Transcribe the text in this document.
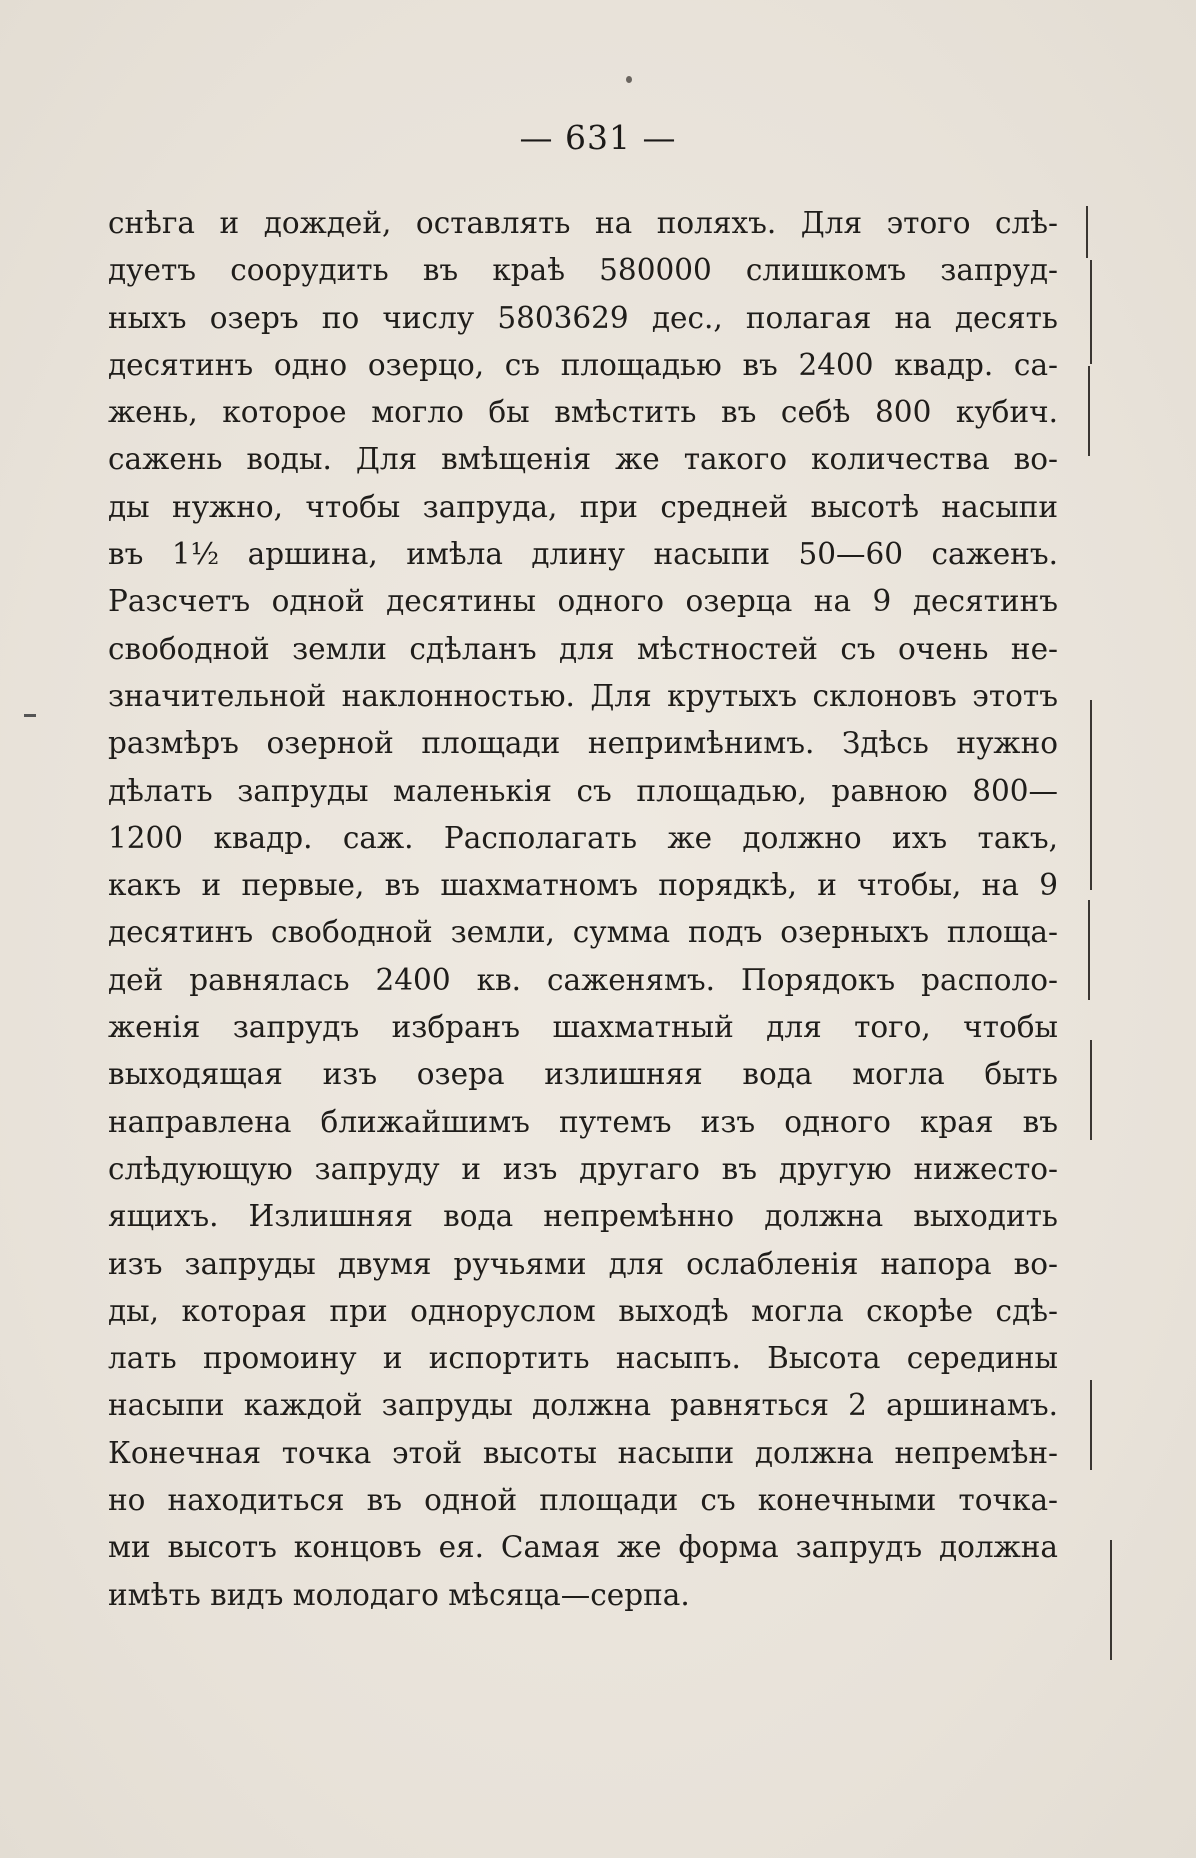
— 631 —
снѣга и дождей, оставлять на поляхъ. Для этого слѣ-
дуетъ соорудить въ краѣ 580000 слишкомъ запруд-
ныхъ озеръ по числу 5803629 дес., полагая на десять
десятинъ одно озерцо, съ площадью въ 2400 квадр. са-
жень, которое могло бы вмѣстить въ себѣ 800 кубич.
сажень воды. Для вмѣщенія же такого количества во-
ды нужно, чтобы запруда, при средней высотѣ насыпи
въ 1½ аршина, имѣла длину насыпи 50—60 саженъ.
Разсчетъ одной десятины одного озерца на 9 десятинъ
свободной земли сдѣланъ для мѣстностей съ очень не-
значительной наклонностью. Для крутыхъ склоновъ этотъ
размѣръ озерной площади непримѣнимъ. Здѣсь нужно
дѣлать запруды маленькія съ площадью, равною 800—
1200 квадр. саж. Располагать же должно ихъ такъ,
какъ и первые, въ шахматномъ порядкѣ, и чтобы, на 9
десятинъ свободной земли, сумма подъ озерныхъ площа-
дей равнялась 2400 кв. саженямъ. Порядокъ располо-
женія запрудъ избранъ шахматный для того, чтобы
выходящая изъ озера излишняя вода могла быть
направлена ближайшимъ путемъ изъ одного края въ
слѣдующую запруду и изъ другаго въ другую нижесто-
ящихъ. Излишняя вода непремѣнно должна выходить
изъ запруды двумя ручьями для ослабленія напора во-
ды, которая при одноруслом выходѣ могла скорѣе сдѣ-
лать промоину и испортить насыпъ. Высота середины
насыпи каждой запруды должна равняться 2 аршинамъ.
Конечная точка этой высоты насыпи должна непремѣн-
но находиться въ одной площади съ конечными точка-
ми высотъ концовъ ея. Самая же форма запрудъ должна
имѣть видъ молодаго мѣсяца—серпа.
